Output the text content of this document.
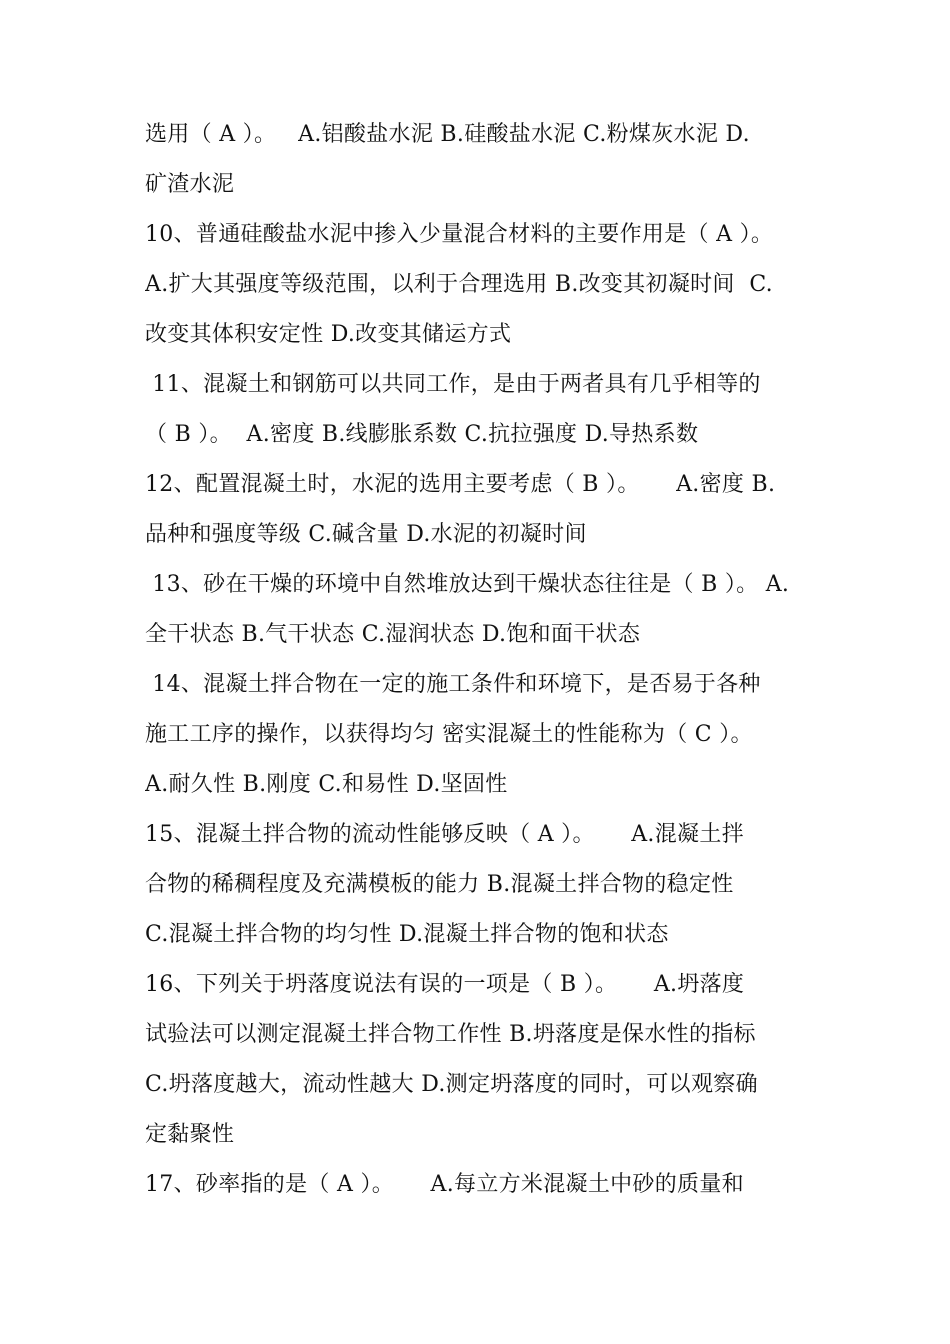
选用（ A ）。   A.铝酸盐水泥 B.硅酸盐水泥 C.粉煤灰水泥 D.
矿渣水泥
10、普通硅酸盐水泥中掺入少量混合材料的主要作用是（ A ）。
A.扩大其强度等级范围，以利于合理选用 B.改变其初凝时间  C.
改变其体积安定性 D.改变其储运方式
11、混凝土和钢筋可以共同工作，是由于两者具有几乎相等的
（ B ）。  A.密度 B.线膨胀系数 C.抗拉强度 D.导热系数
12、配置混凝土时，水泥的选用主要考虑（ B ）。     A.密度 B.
品种和强度等级 C.碱含量 D.水泥的初凝时间
13、砂在干燥的环境中自然堆放达到干燥状态往往是（ B ）。 A.
全干状态 B.气干状态 C.湿润状态 D.饱和面干状态
14、混凝土拌合物在一定的施工条件和环境下，是否易于各种
施工工序的操作，以获得均匀 密实混凝土的性能称为（ C ）。
A.耐久性 B.刚度 C.和易性 D.坚固性
15、混凝土拌合物的流动性能够反映（ A ）。     A.混凝土拌
合物的稀稠程度及充满模板的能力 B.混凝土拌合物的稳定性
C.混凝土拌合物的均匀性 D.混凝土拌合物的饱和状态
16、下列关于坍落度说法有误的一项是（ B ）。     A.坍落度
试验法可以测定混凝土拌合物工作性 B.坍落度是保水性的指标
C.坍落度越大，流动性越大 D.测定坍落度的同时，可以观察确
定黏聚性
17、砂率指的是（ A ）。     A.每立方米混凝土中砂的质量和
